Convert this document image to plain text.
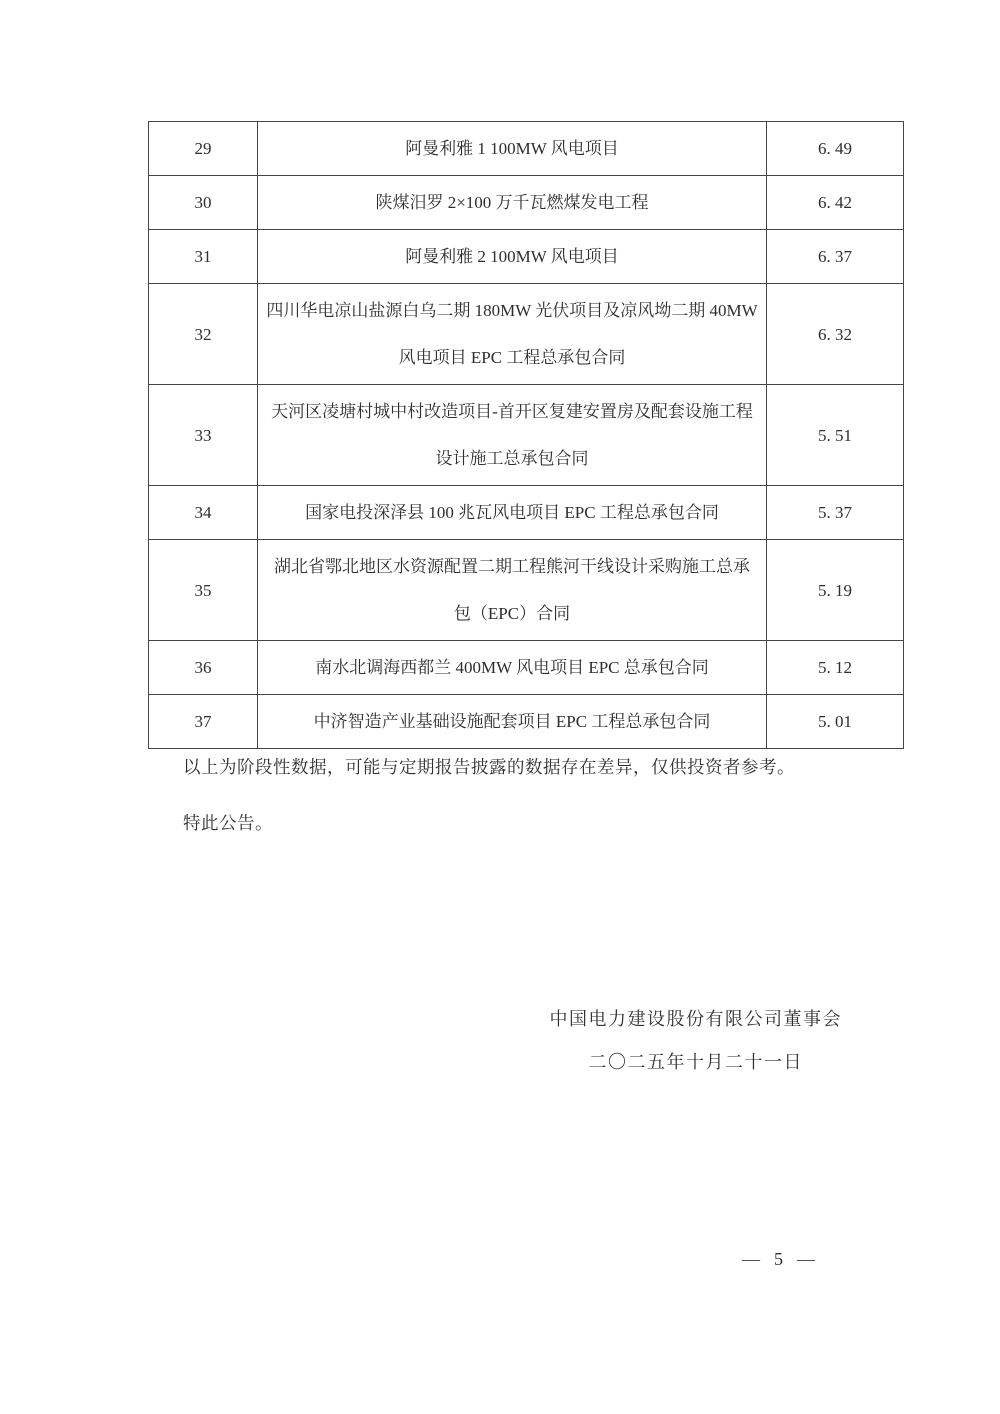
29	阿曼利雅 1 100MW 风电项目	6. 49
30	陕煤汨罗 2×100 万千瓦燃煤发电工程	6. 42
31	阿曼利雅 2 100MW 风电项目	6. 37
32	四川华电凉山盐源白乌二期 180MW 光伏项目及凉风坳二期 40MW 风电项目 EPC 工程总承包合同	6. 32
33	天河区凌塘村城中村改造项目-首开区复建安置房及配套设施工程设计施工总承包合同	5. 51
34	国家电投深泽县 100 兆瓦风电项目 EPC 工程总承包合同	5. 37
35	湖北省鄂北地区水资源配置二期工程熊河干线设计采购施工总承包（EPC）合同	5. 19
36	南水北调海西都兰 400MW 风电项目 EPC 总承包合同	5. 12
37	中济智造产业基础设施配套项目 EPC 工程总承包合同	5. 01

以上为阶段性数据，可能与定期报告披露的数据存在差异，仅供投资者参考。

特此公告。

中国电力建设股份有限公司董事会

二〇二五年十月二十一日

— 5 —
